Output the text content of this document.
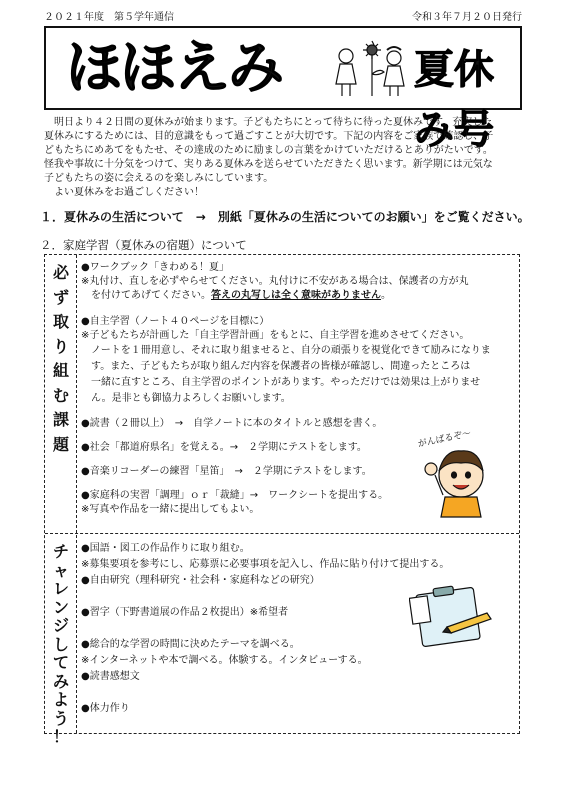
２０２１年度　第５学年通信	令和３年７月２０日発行
ほほえみ	夏休み号

明日より４２日間の夏休みが始まります。子どもたちにとって待ちに待った夏休みです。充実した

夏休みにするためには、目的意識をもって過ごすことが大切です。下記の内容をご家族で確認し、子

どもたちにめあてをもたせ、その達成のために励ましの言葉をかけていただけるとありがたいです。

怪我や事故に十分気をつけて、実りある夏休みを送らせていただきたく思います。新学期には元気な

子どもたちの姿に会えるのを楽しみにしています。

よい夏休みをお過ごしください！

１．夏休みの生活について　→　別紙「夏休みの生活についてのお願い」をご覧ください。
２．家庭学習（夏休みの宿題）について
必
ず
取
り
組
む
課
題

●ワークブック「きわめる！夏」

※丸付け、直しを必ずやらせてください。丸付けに不安がある場合は、保護者の方が丸

を付けてあげてください。答えの丸写しは全く意味がありません。

●自主学習（ノート４０ページを目標に）

※子どもたちが計画した「自主学習計画」をもとに、自主学習を進めさせてください。

ノートを１冊用意し、それに取り組ませると、自分の頑張りを視覚化できて励みになりま

す。また、子どもたちが取り組んだ内容を保護者の皆様が確認し、間違ったところは

一緒に直すところ、自主学習のポイントがあります。やっただけでは効果は上がりませ

ん。是非とも御協力よろしくお願いします。

●読書（２冊以上）　→　自学ノートに本のタイトルと感想を書く。

●社会「都道府県名」を覚える。→　２学期にテストをします。

●音楽リコーダーの練習「星笛」　→　２学期にテストをします。

●家庭科の実習「調理」ｏｒ「裁縫」→　ワークシートを提出する。

※写真や作品を一緒に提出してもよい。

がんばるぞ～
チ
ャ
レ
ン
ジ
し
て
み
よ
う
！

●国語・図工の作品作りに取り組む。

※募集要項を参考にし、応募票に必要事項を記入し、作品に貼り付けて提出する。

●自由研究（理科研究・社会科・家庭科などの研究）

●習字（下野書道展の作品２枚提出）※希望者

●総合的な学習の時間に決めたテーマを調べる。

※インターネットや本で調べる。体験する。インタビューする。

●読書感想文

●体力作り
